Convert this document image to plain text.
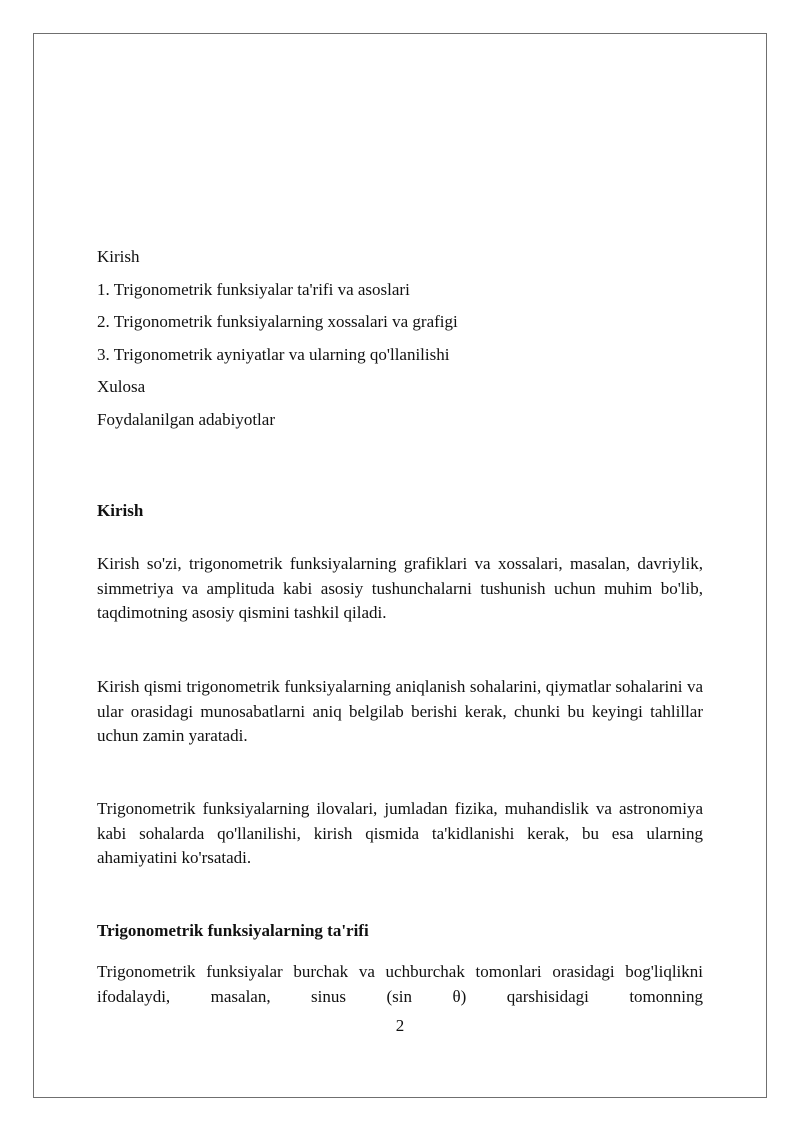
Kirish
1. Trigonometrik funksiyalar ta'rifi va asoslari
2. Trigonometrik funksiyalarning xossalari va grafigi
3. Trigonometrik ayniyatlar va ularning qo'llanilishi
Xulosa
Foydalanilgan adabiyotlar
Kirish

Kirish so'zi, trigonometrik funksiyalarning grafiklari va xossalari, masalan, davriylik, simmetriya va amplituda kabi asosiy tushunchalarni tushunish uchun muhim bo'lib, taqdimotning asosiy qismini tashkil qiladi.

Kirish qismi trigonometrik funksiyalarning aniqlanish sohalarini, qiymatlar sohalarini va ular orasidagi munosabatlarni aniq belgilab berishi kerak, chunki bu keyingi tahlillar uchun zamin yaratadi.

Trigonometrik funksiyalarning ilovalari, jumladan fizika, muhandislik va astronomiya kabi sohalarda qo'llanilishi, kirish qismida ta'kidlanishi kerak, bu esa ularning ahamiyatini ko'rsatadi.

Trigonometrik funksiyalarning ta'rifi

Trigonometrik funksiyalar burchak va uchburchak tomonlari orasidagi bog'liqlikni ifodalaydi, masalan, sinus (sin θ) qarshisidagi tomonning

2
